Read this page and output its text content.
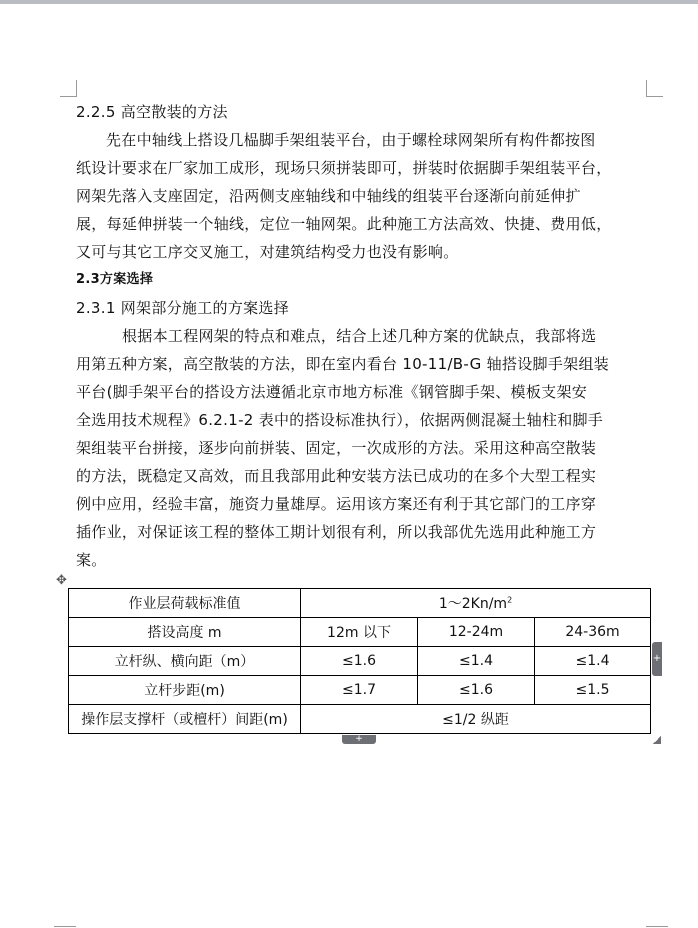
2.2.5 高空散装的方法
先在中轴线上搭设几榀脚手架组装平台，由于螺栓球网架所有构件都按图
纸设计要求在厂家加工成形，现场只须拼装即可，拼装时依据脚手架组装平台，
网架先落入支座固定，沿两侧支座轴线和中轴线的组装平台逐渐向前延伸扩
展，每延伸拼装一个轴线，定位一轴网架。此种施工方法高效、快捷、费用低，
又可与其它工序交叉施工，对建筑结构受力也没有影响。
2.3方案选择
2.3.1 网架部分施工的方案选择
根据本工程网架的特点和难点，结合上述几种方案的优缺点，我部将选
用第五种方案，高空散装的方法，即在室内看台 10-11/B-G 轴搭设脚手架组装
平台(脚手架平台的搭设方法遵循北京市地方标准《钢管脚手架、模板支架安
全选用技术规程》6.2.1-2 表中的搭设标准执行），依据两侧混凝土轴柱和脚手
架组装平台拼接，逐步向前拼装、固定，一次成形的方法。采用这种高空散装
的方法，既稳定又高效，而且我部用此种安装方法已成功的在多个大型工程实
例中应用，经验丰富，施资力量雄厚。运用该方案还有利于其它部门的工序穿
插作业，对保证该工程的整体工期计划很有利，所以我部优先选用此种施工方
案。
✥
作业层荷载标准值	$1\sim 2Kn/m^2$
搭设高度 m	12m 以下	12-24m	24-36m
立杆纵、横向距（m）	≤1.6	≤1.4	≤1.4
立杆步距(m)	≤1.7	≤1.6	≤1.5
操作层支撑杆（或檀杆）间距(m)	≤1/2 纵距		
+
+
